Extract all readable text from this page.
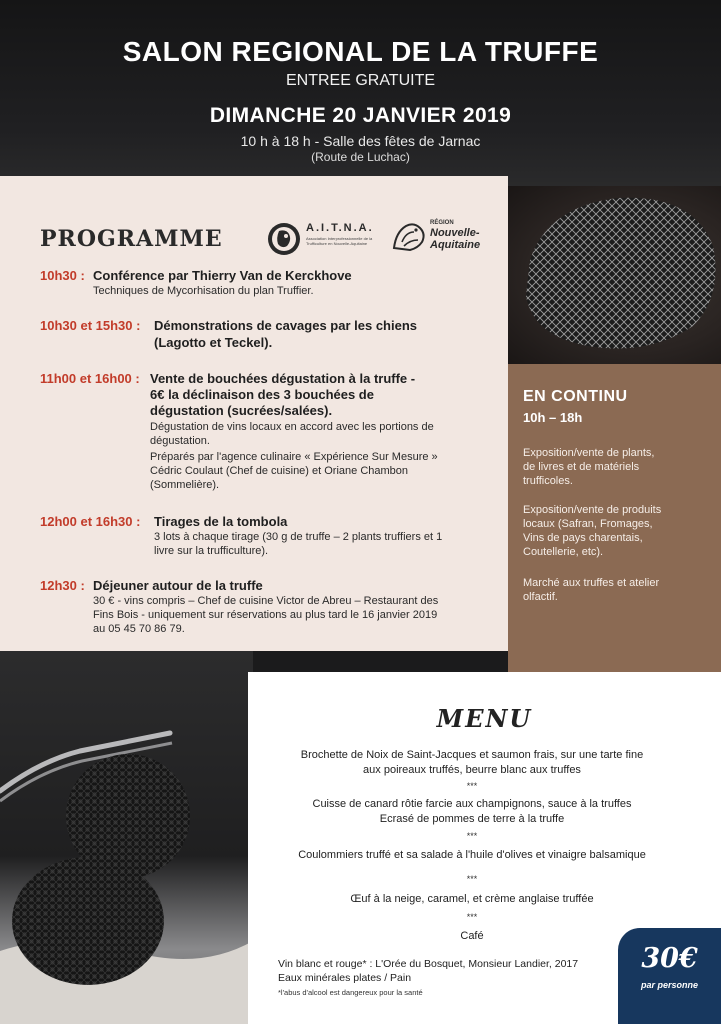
SALON REGIONAL DE LA TRUFFE
ENTREE GRATUITE
DIMANCHE 20 JANVIER 2019
10 h à 18 h - Salle des fêtes de Jarnac
(Route de Luchac)
PROGRAMME	A.I.T.N.A.
Association Interprofessionnelle de la Trufficulture en Nouvelle-Aquitaine
RÉGION
Nouvelle-Aquitaine
10h30 : Conférence par Thierry Van de Kerckhove
Techniques de Mycorhisation du plan Truffier.
10h30 et 15h30 : Démonstrations de cavages par les chiens
(Lagotto et Teckel).
11h00 et 16h00 : Vente de bouchées dégustation à la truffe -
6€ la déclinaison des 3 bouchées de
dégustation (sucrées/salées).
Dégustation de vins locaux en accord avec les portions de
dégustation.
Préparés par l'agence culinaire « Expérience Sur Mesure »
Cédric Coulaut (Chef de cuisine) et Oriane Chambon
(Sommelière).
12h00 et 16h30 : Tirages de la tombola
3 lots à chaque tirage (30 g de truffe – 2 plants truffiers et 1
livre sur la trufficulture).
12h30 : Déjeuner autour de la truffe
30 € - vins compris – Chef de cuisine Victor de Abreu – Restaurant des
Fins Bois - uniquement sur réservations au plus tard le 16 janvier 2019
au 05 45 70 86 79.
EN CONTINU
10h – 18h
Exposition/vente de plants,
de livres et de matériels
trufficoles.
Exposition/vente de produits
locaux (Safran, Fromages,
Vins de pays charentais,
Coutellerie, etc).
Marché aux truffes et atelier
olfactif.
MENU
Brochette de Noix de Saint-Jacques et saumon frais, sur une tarte fine
aux poireaux truffés, beurre blanc aux truffes
***
Cuisse de canard rôtie farcie aux champignons, sauce à la truffes
Ecrasé de pommes de terre à la truffe
***
Coulommiers truffé et sa salade à l'huile d'olives et vinaigre balsamique
***
Œuf à la neige, caramel, et crème anglaise truffée
***
Café
Vin blanc et rouge* : L'Orée du Bosquet, Monsieur Landier, 2017
Eaux minérales plates / Pain
*l'abus d'alcool est dangereux pour la santé
30€
par personne
